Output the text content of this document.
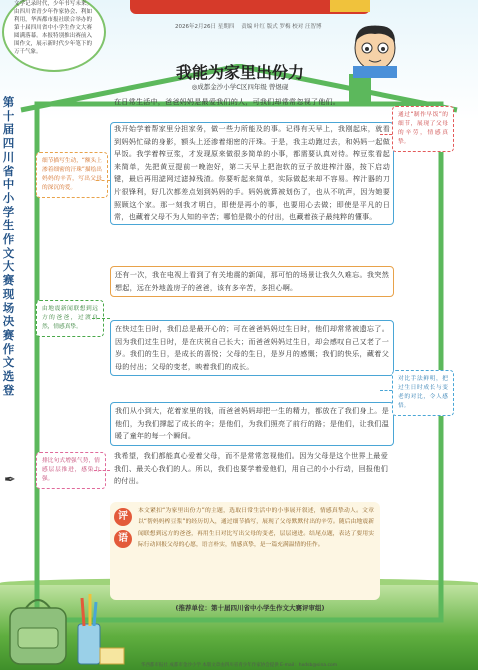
2026年2月26日 星期四 责编 叶红 版式 罗梅 校对 汪智博
文学记录时代，少年书写未来。由四川省青少年作家协会、利如利用，华西都市报社联合举办的第十届四川省中小学生作文大赛圆满落幕。本报特别推出赛前入围作文，展示新时代少年笔下的万千气象。
第十届四川省中小学生作文大赛现场决赛作文选登
✒
我能为家里出份力
◎成都金沙小学C区四年级 曾煜砚
在日常生活中，爸爸妈妈是最爱我们的人，可我们却常常忽视了他们。
我开始学着帮家里分担家务，做一些力所能及的事。记得有天早上，我刚起床，就看到妈妈忙碌的身影，额头上还渗着细密的汗珠。于是，我主动跑过去，和妈妈一起做早饭。我学着榨豆浆，才发现原来做很多简单的小事，都需要认真对待。榨豆浆看起来简单，先把黄豆提前一晚泡好，第二天早上把泡软的豆子放进榨汁器，按下启动键，最后再用滤网过滤掉残渣。你要听起来简单，实际做起来却不容易。榨汁器的刀片很锋利，好几次都差点划到妈妈的手。妈妈就算被划伤了，也从不吭声，因为她要照顾这个家。那一刻我才明白，即使是再小的事，也要用心去做；即使是平凡的日常，也藏着父母不为人知的辛苦；哪怕是微小的付出，也藏着孩子最纯粹的懂事。
还有一次，我在电视上看到了有关地震的新闻，那可怕的场景让我久久难忘。我突然想起，远在外地盖房子的爸爸，该有多辛苦，多担心啊。
在快过生日时，我们总是最开心的；可在爸爸妈妈过生日时，他们却常常被遗忘了。因为我们过生日时，是在庆祝自己长大；而爸爸妈妈过生日，却会感叹自己又老了一岁。我们的生日，是成长的喜悦；父母的生日，是岁月的感慨；我们的快乐，藏着父母的付出；父母的变老，映着我们的成长。
我们从小到大，花着家里的钱，而爸爸妈妈却把一生的精力，都放在了我们身上。是他们，为我们撑起了成长的伞；是他们，为我们照亮了前行的路；是他们，让我们温暖了童年的每一个瞬间。
我希望，我们都能真心爱着父母，而不是常常忽视他们。因为父母是这个世界上最爱我们、最关心我们的人。所以，我们也要学着爱他们，用自己的小小行动，回报他们的付出。
通过“制作早饭”的细节，展现了父母的辛劳，情感真挚。
细节描写生动，“额头上渗着细密的汗珠”描绘出妈妈的辛苦，写出父母的深沉的爱。
由地震新闻联想到远方的爸爸，过渡自然，情感真挚。
对比手法鲜明，把过生日时成长与变老的对比，令人感悟。
排比句式增强气势，情感层层推进，感染力强。
评
语
本文紧扣“为家里出份力”的主题，选取日常生活中的小事展开叙述，情感真挚动人。文章以“帮妈妈榨豆浆”的经历切入，通过细节描写，展现了父母默默付出的辛劳。随后由地震新闻联想到远方的爸爸，再用生日对比写出父母的变老，层层递进。结尾点题，表达了要用实际行动回报父母的心愿，语言朴实，情感真挚，是一篇充满温情的佳作。
(推荐单位：第十届四川省中小学生作文大赛评审组)
华西都市报社 成都市金沙小学 本版文章由四川省青少年作家协会提供 E-mail：hxdsb@sina.com
